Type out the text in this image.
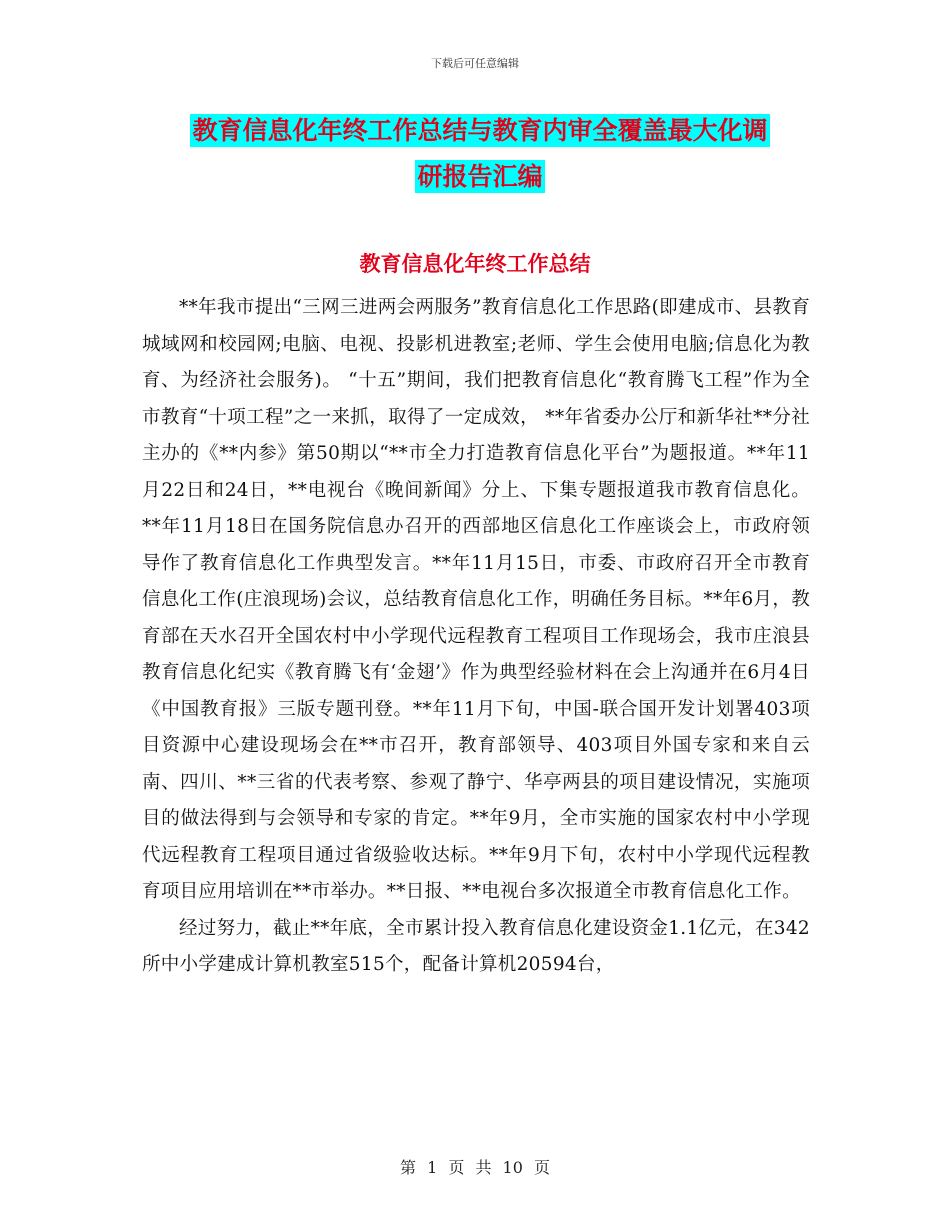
下载后可任意编辑
教育信息化年终工作总结与教育内审全覆盖最大化调
研报告汇编
教育信息化年终工作总结

**年我市提出“三网三进两会两服务”教育信息化工作思路(即建成市、县教育城域网和校园网;电脑、电视、投影机进教室;老师、学生会使用电脑;信息化为教育、为经济社会服务)。 “十五”期间，我们把教育信息化“教育腾飞工程”作为全市教育“十项工程”之一来抓，取得了一定成效， **年省委办公厅和新华社**分社主办的《**内参》第50期以“**市全力打造教育信息化平台”为题报道。**年11月22日和24日，**电视台《晚间新闻》分上、下集专题报道我市教育信息化。**年11月18日在国务院信息办召开的西部地区信息化工作座谈会上，市政府领导作了教育信息化工作典型发言。**年11月15日，市委、市政府召开全市教育信息化工作(庄浪现场)会议，总结教育信息化工作，明确任务目标。**年6月，教育部在天水召开全国农村中小学现代远程教育工程项目工作现场会，我市庄浪县教育信息化纪实《教育腾飞有‘金翅’》作为典型经验材料在会上沟通并在6月4日《中国教育报》三版专题刊登。**年11月下旬，中国-联合国开发计划署403项目资源中心建设现场会在**市召开，教育部领导、403项目外国专家和来自云南、四川、**三省的代表考察、参观了静宁、华亭两县的项目建设情况，实施项目的做法得到与会领导和专家的肯定。**年9月，全市实施的国家农村中小学现代远程教育工程项目通过省级验收达标。**年9月下旬，农村中小学现代远程教育项目应用培训在**市举办。**日报、**电视台多次报道全市教育信息化工作。

经过努力，截止**年底，全市累计投入教育信息化建设资金1.1亿元，在342所中小学建成计算机教室515个，配备计算机20594台，

第 1 页 共 10 页
